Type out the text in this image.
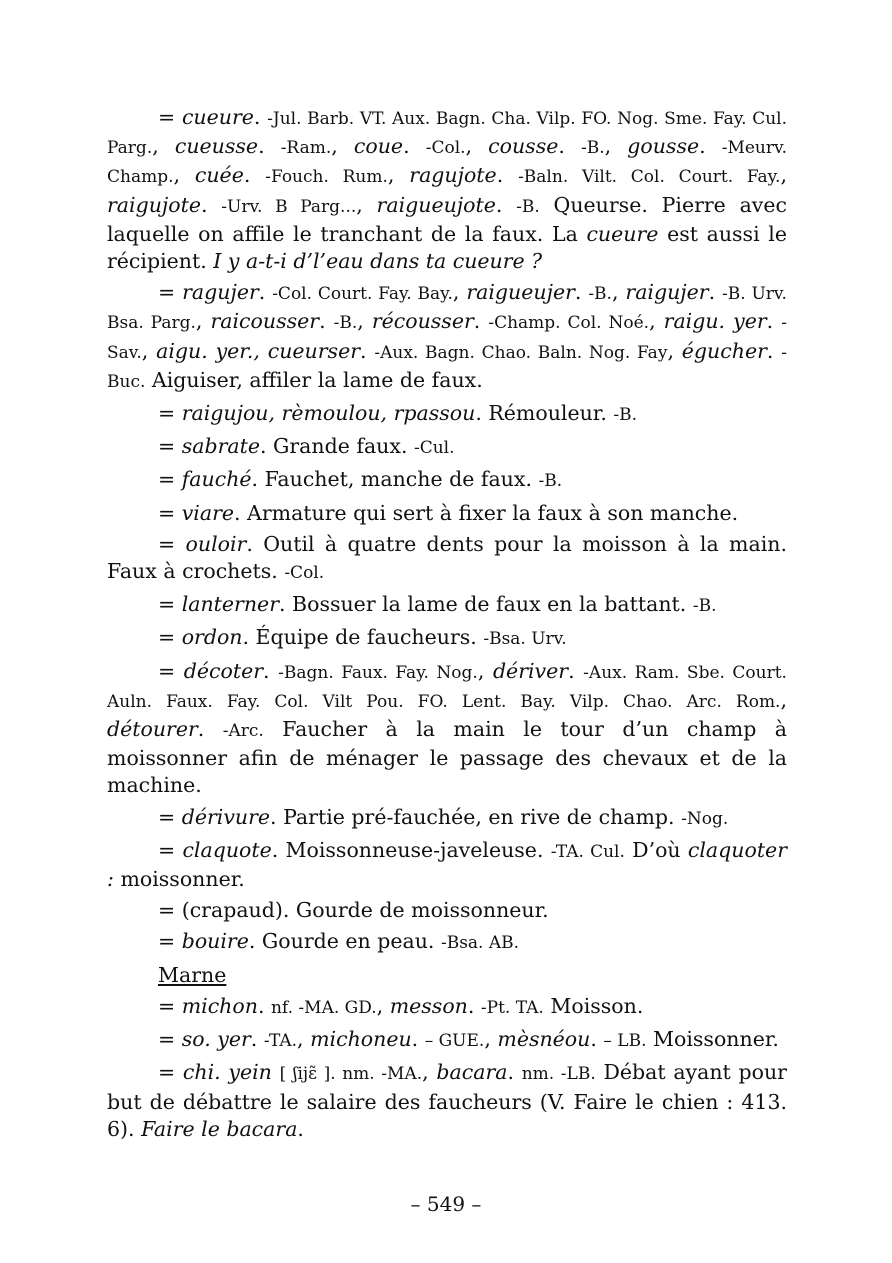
= cueure. -Jul. Barb. VT. Aux. Bagn. Cha. Vilp. FO. Nog. Sme. Fay. Cul. Parg., cueusse. -Ram., coue. -Col., cousse. -B., gousse. -Meurv. Champ., cuée. -Fouch. Rum., ragujote. -Baln. Vilt. Col. Court. Fay., raigujote. -Urv. B Parg..., raigueujote. -B. Queurse. Pierre avec laquelle on affile le tranchant de la faux. La cueure est aussi le récipient. I y a-t-i d’l’eau dans ta cueure ?

= ragujer. -Col. Court. Fay. Bay., raigueujer. -B., raigujer. -B. Urv. Bsa. Parg., raicousser. -B., récousser. -Champ. Col. Noé., raigu. yer. -Sav., aigu. yer., cueurser. -Aux. Bagn. Chao. Baln. Nog. Fay, égucher. -Buc. Aiguiser, affiler la lame de faux.

= raigujou, rèmoulou, rpassou. Rémouleur. -B.

= sabrate. Grande faux. -Cul.

= fauché. Fauchet, manche de faux. -B.

= viare. Armature qui sert à fixer la faux à son manche.

= ouloir. Outil à quatre dents pour la moisson à la main. Faux à crochets. -Col.

= lanterner. Bossuer la lame de faux en la battant. -B.

= ordon. Équipe de faucheurs. -Bsa. Urv.

= décoter. -Bagn. Faux. Fay. Nog., dériver. -Aux. Ram. Sbe. Court. Auln. Faux. Fay. Col. Vilt Pou. FO. Lent. Bay. Vilp. Chao. Arc. Rom., détourer. -Arc. Faucher à la main le tour d’un champ à moissonner afin de ménager le passage des chevaux et de la machine.

= dérivure. Partie pré-fauchée, en rive de champ. -Nog.

= claquote. Moissonneuse-javeleuse. -TA. Cul. D’où claquoter : moissonner.

= (crapaud). Gourde de moissonneur.

= bouire. Gourde en peau. -Bsa. AB.

Marne

= michon. nf. -MA. GD., messon. -Pt. TA. Moisson.

= so. yer. -TA., michoneu. – GUE., mèsnéou. – LB. Moissonner.

= chi. yein [ ʃijɛ̃ ]. nm. -MA., bacara. nm. -LB. Débat ayant pour but de débattre le salaire des faucheurs (V. Faire le chien : 413. 6). Faire le bacara.

– 549 –
